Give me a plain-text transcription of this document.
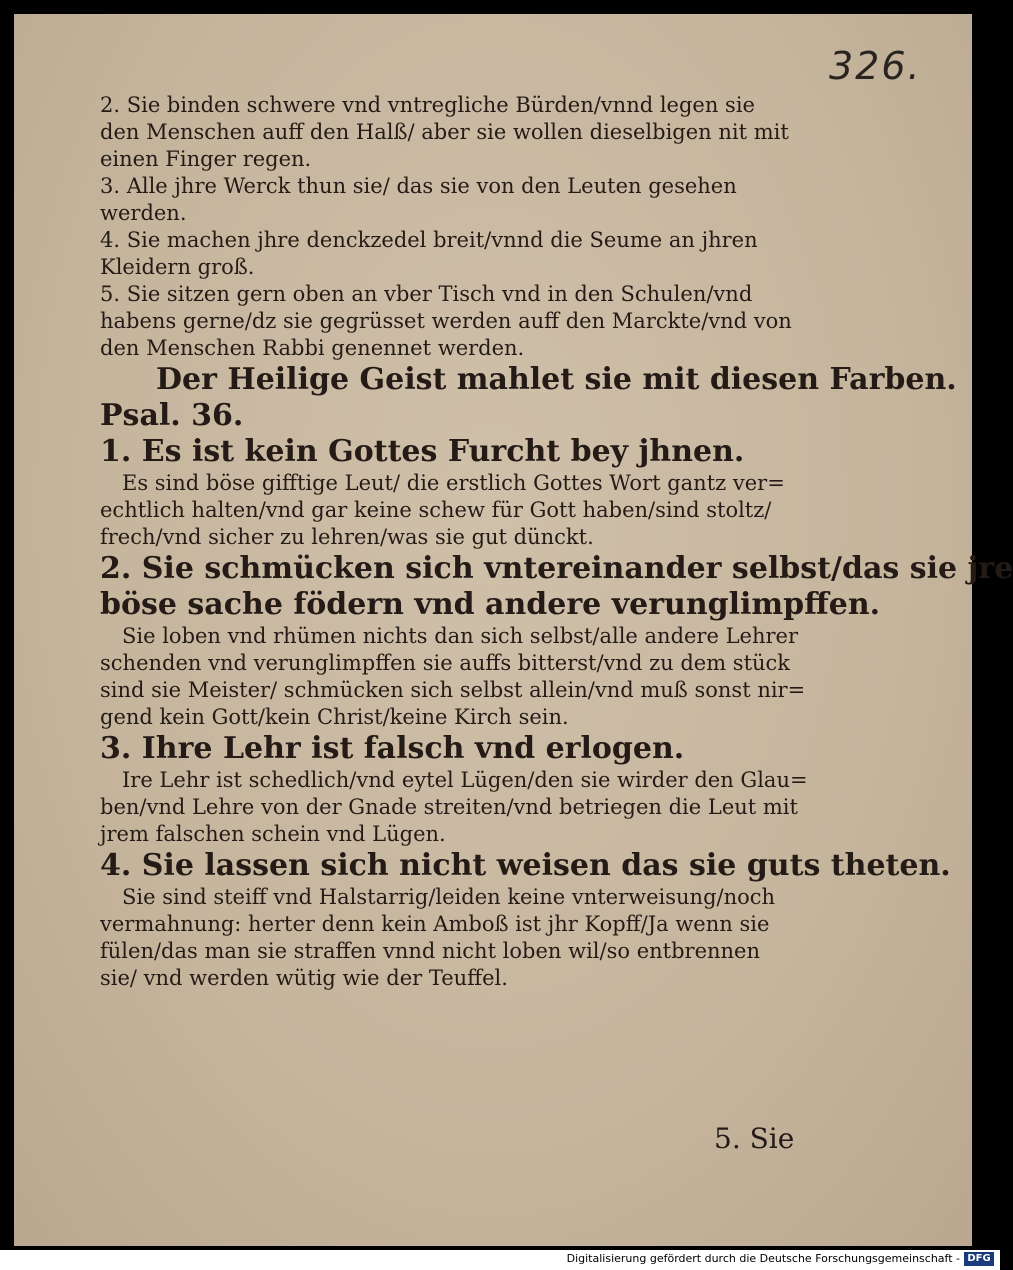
326.
2. Sie binden schwere vnd vntregliche Bürden/vnnd legen sie
den Menschen auff den Halß/ aber sie wollen dieselbigen nit mit
einen Finger regen.
3. Alle jhre Werck thun sie/ das sie von den Leuten gesehen
werden.
4. Sie machen jhre denckzedel breit/vnnd die Seume an jhren
Kleidern groß.
5. Sie sitzen gern oben an vber Tisch vnd in den Schulen/vnd
habens gerne/dz sie gegrüsset werden auff den Marckte/vnd von
den Menschen Rabbi genennet werden.
Der Heilige Geist mahlet sie mit diesen Farben.
Psal. 36.
1. Es ist kein Gottes Furcht bey jhnen.
Es sind böse gifftige Leut/ die erstlich Gottes Wort gantz ver=
echtlich halten/vnd gar keine schew für Gott haben/sind stoltz/
frech/vnd sicher zu lehren/was sie gut dünckt.
2. Sie schmücken sich vntereinander selbst/das sie jre
böse sache födern vnd andere verunglimpffen.
Sie loben vnd rhümen nichts dan sich selbst/alle andere Lehrer
schenden vnd verunglimpffen sie auffs bitterst/vnd zu dem stück
sind sie Meister/ schmücken sich selbst allein/vnd muß sonst nir=
gend kein Gott/kein Christ/keine Kirch sein.
3. Ihre Lehr ist falsch vnd erlogen.
Ire Lehr ist schedlich/vnd eytel Lügen/den sie wirder den Glau=
ben/vnd Lehre von der Gnade streiten/vnd betriegen die Leut mit
jrem falschen schein vnd Lügen.
4. Sie lassen sich nicht weisen das sie guts theten.
Sie sind steiff vnd Halstarrig/leiden keine vnterweisung/noch
vermahnung: herter denn kein Amboß ist jhr Kopff/Ja wenn sie
fülen/das man sie straffen vnnd nicht loben wil/so entbrennen
sie/ vnd werden wütig wie der Teuffel.
5. Sie
Digitalisierung gefördert durch die Deutsche Forschungsgemeinschaft - DFG
